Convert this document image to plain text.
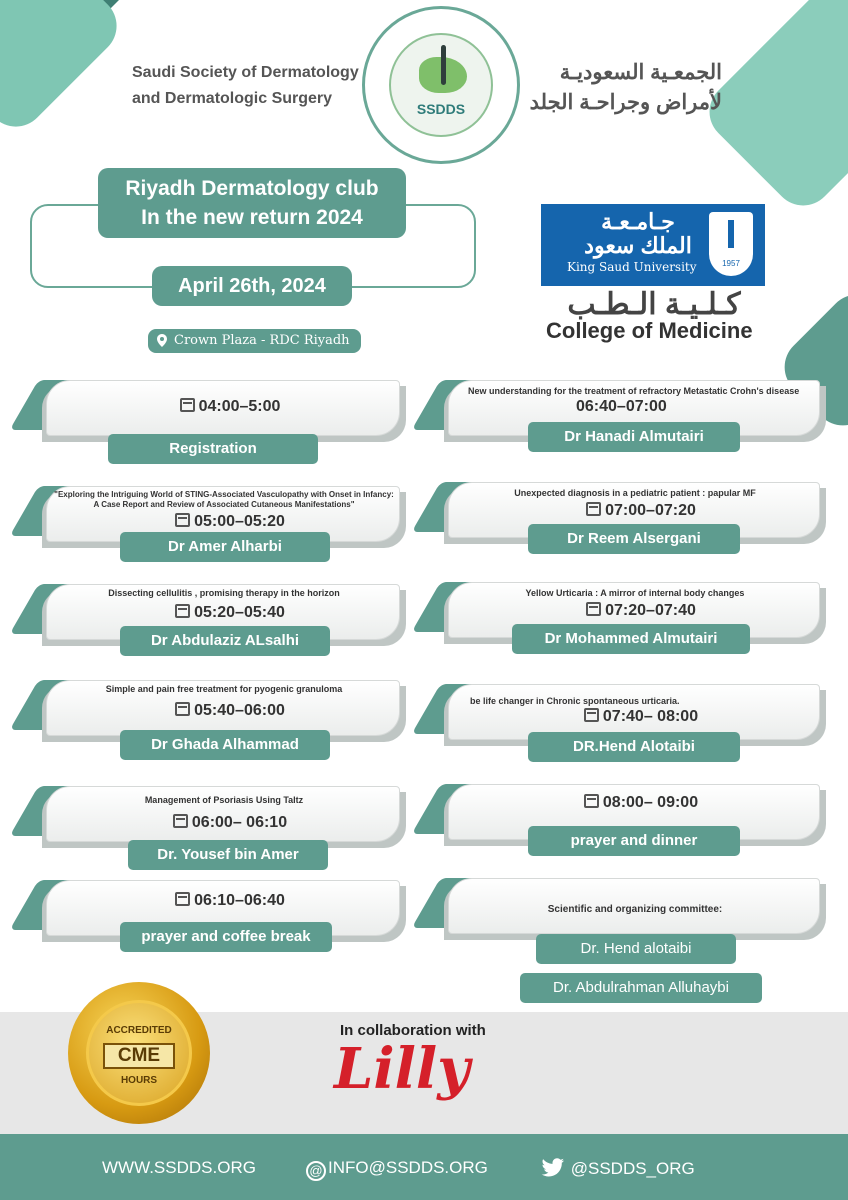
Saudi Society of Dermatology
and Dermatologic Surgery
SSDDS
الجمعـية السعوديـة
لأمراض وجراحـة الجلد
Riyadh Dermatology club
In the new return 2024
April 26th, 2024
Crown Plaza - RDC Riyadh
جـامـعـة
الملك سعود
King Saud University	1957
كـلـيـة الـطـب
College of Medicine
04:00–5:00
Registration
"Exploring the Intriguing World of STING-Associated Vasculopathy with Onset in Infancy: A Case Report and Review of Associated Cutaneous Manifestations"
05:00–05:20
Dr Amer Alharbi
Dissecting cellulitis , promising therapy in the horizon
05:20–05:40
Dr Abdulaziz ALsalhi
Simple and pain free treatment for pyogenic granuloma
05:40–06:00
Dr Ghada Alhammad
Management of Psoriasis Using Taltz
06:00– 06:10
Dr. Yousef bin Amer
06:10–06:40
prayer and coffee break
New understanding for the treatment of refractory Metastatic Crohn's disease
06:40–07:00
Dr Hanadi Almutairi
Unexpected diagnosis in a pediatric patient : papular MF
07:00–07:20
Dr Reem Alsergani
Yellow Urticaria : A mirror of internal body changes
07:20–07:40
Dr Mohammed Almutairi
be life changer in Chronic spontaneous urticaria.
07:40– 08:00
DR.Hend Alotaibi
08:00– 09:00
prayer and dinner
Scientific and organizing committee:
Dr. Hend alotaibi
Dr. Abdulrahman Alluhaybi
In collaboration with
Lilly
ACCREDITED
CME
HOURS
WWW.SSDDS.ORG	@ INFO@SSDDS.ORG	@SSDDS_ORG
